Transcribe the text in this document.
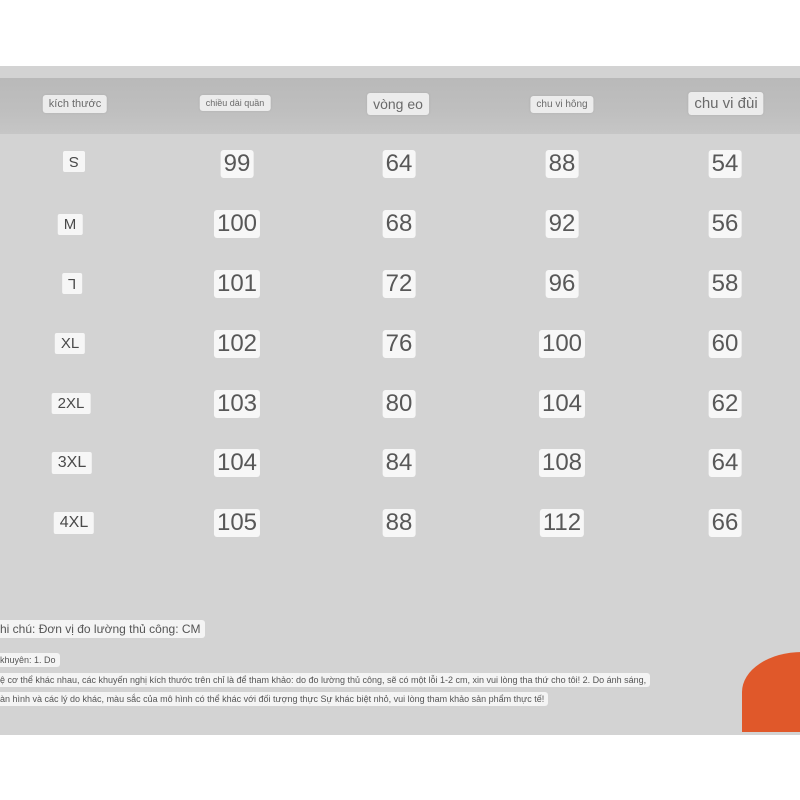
kích thước	chiều dài quần	vòng eo	chu vi hông	chu vi đùi
S	99	64	88	54
M	100	68	92	56
L	101	72	96	58
XL	102	76	100	60
2XL	103	80	104	62
3XL	104	84	108	64
4XL	105	88	112	66
hi chú: Đơn vị đo lường thủ công: CM
khuyên: 1. Do
ệ cơ thể khác nhau, các khuyến nghị kích thước trên chỉ là để tham khảo: do đo lường thủ công, sẽ có một lỗi 1-2 cm, xin vui lòng tha thứ cho tôi! 2. Do ánh sáng,
àn hình và các lý do khác, màu sắc của mô hình có thể khác với đối tượng thực Sự khác biệt nhỏ, vui lòng tham khảo sản phẩm thực tế!
